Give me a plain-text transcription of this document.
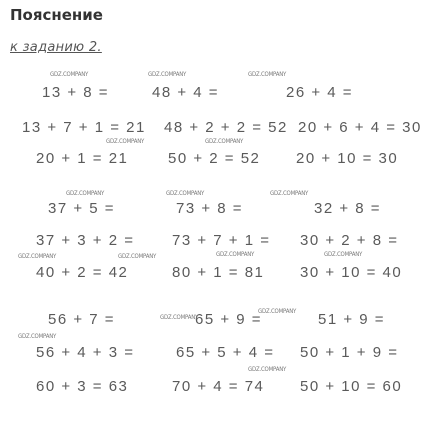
Пояснение
к заданию 2.
13 + 8 =	48 + 4 =	26 + 4 =
13 + 7 + 1 = 21 48 + 2 + 2 = 52 20 + 6 + 4 = 30
20 + 1 = 21	50 + 2 = 52 20 + 10 = 30
37 + 5 =	73 + 8 =	32 + 8 =
37 + 3 + 2 =	73 + 7 + 1 = 30 + 2 + 8 =
40 + 2 = 42	80 + 1 = 81 30 + 10 = 40
56 + 7 =	65 + 9 =	51 + 9 =
56 + 4 + 3 =	65 + 5 + 4 = 50 + 1 + 9 =
60 + 3 = 63	70 + 4 = 74 50 + 10 = 60
GDZ.COMPANY	GDZ.COMPANY	GDZ.COMPANY
GDZ.COMPANY	GDZ.COMPANY
GDZ.COMPANY	GDZ.COMPANY	GDZ.COMPANY
GDZ.COMPANY	GDZ.COMPANY	GDZ.COMPANY	GDZ.COMPANY
GDZ.COMPANY
GDZ.COMPANY
GDZ.COMPANY
GDZ.COMPANY
